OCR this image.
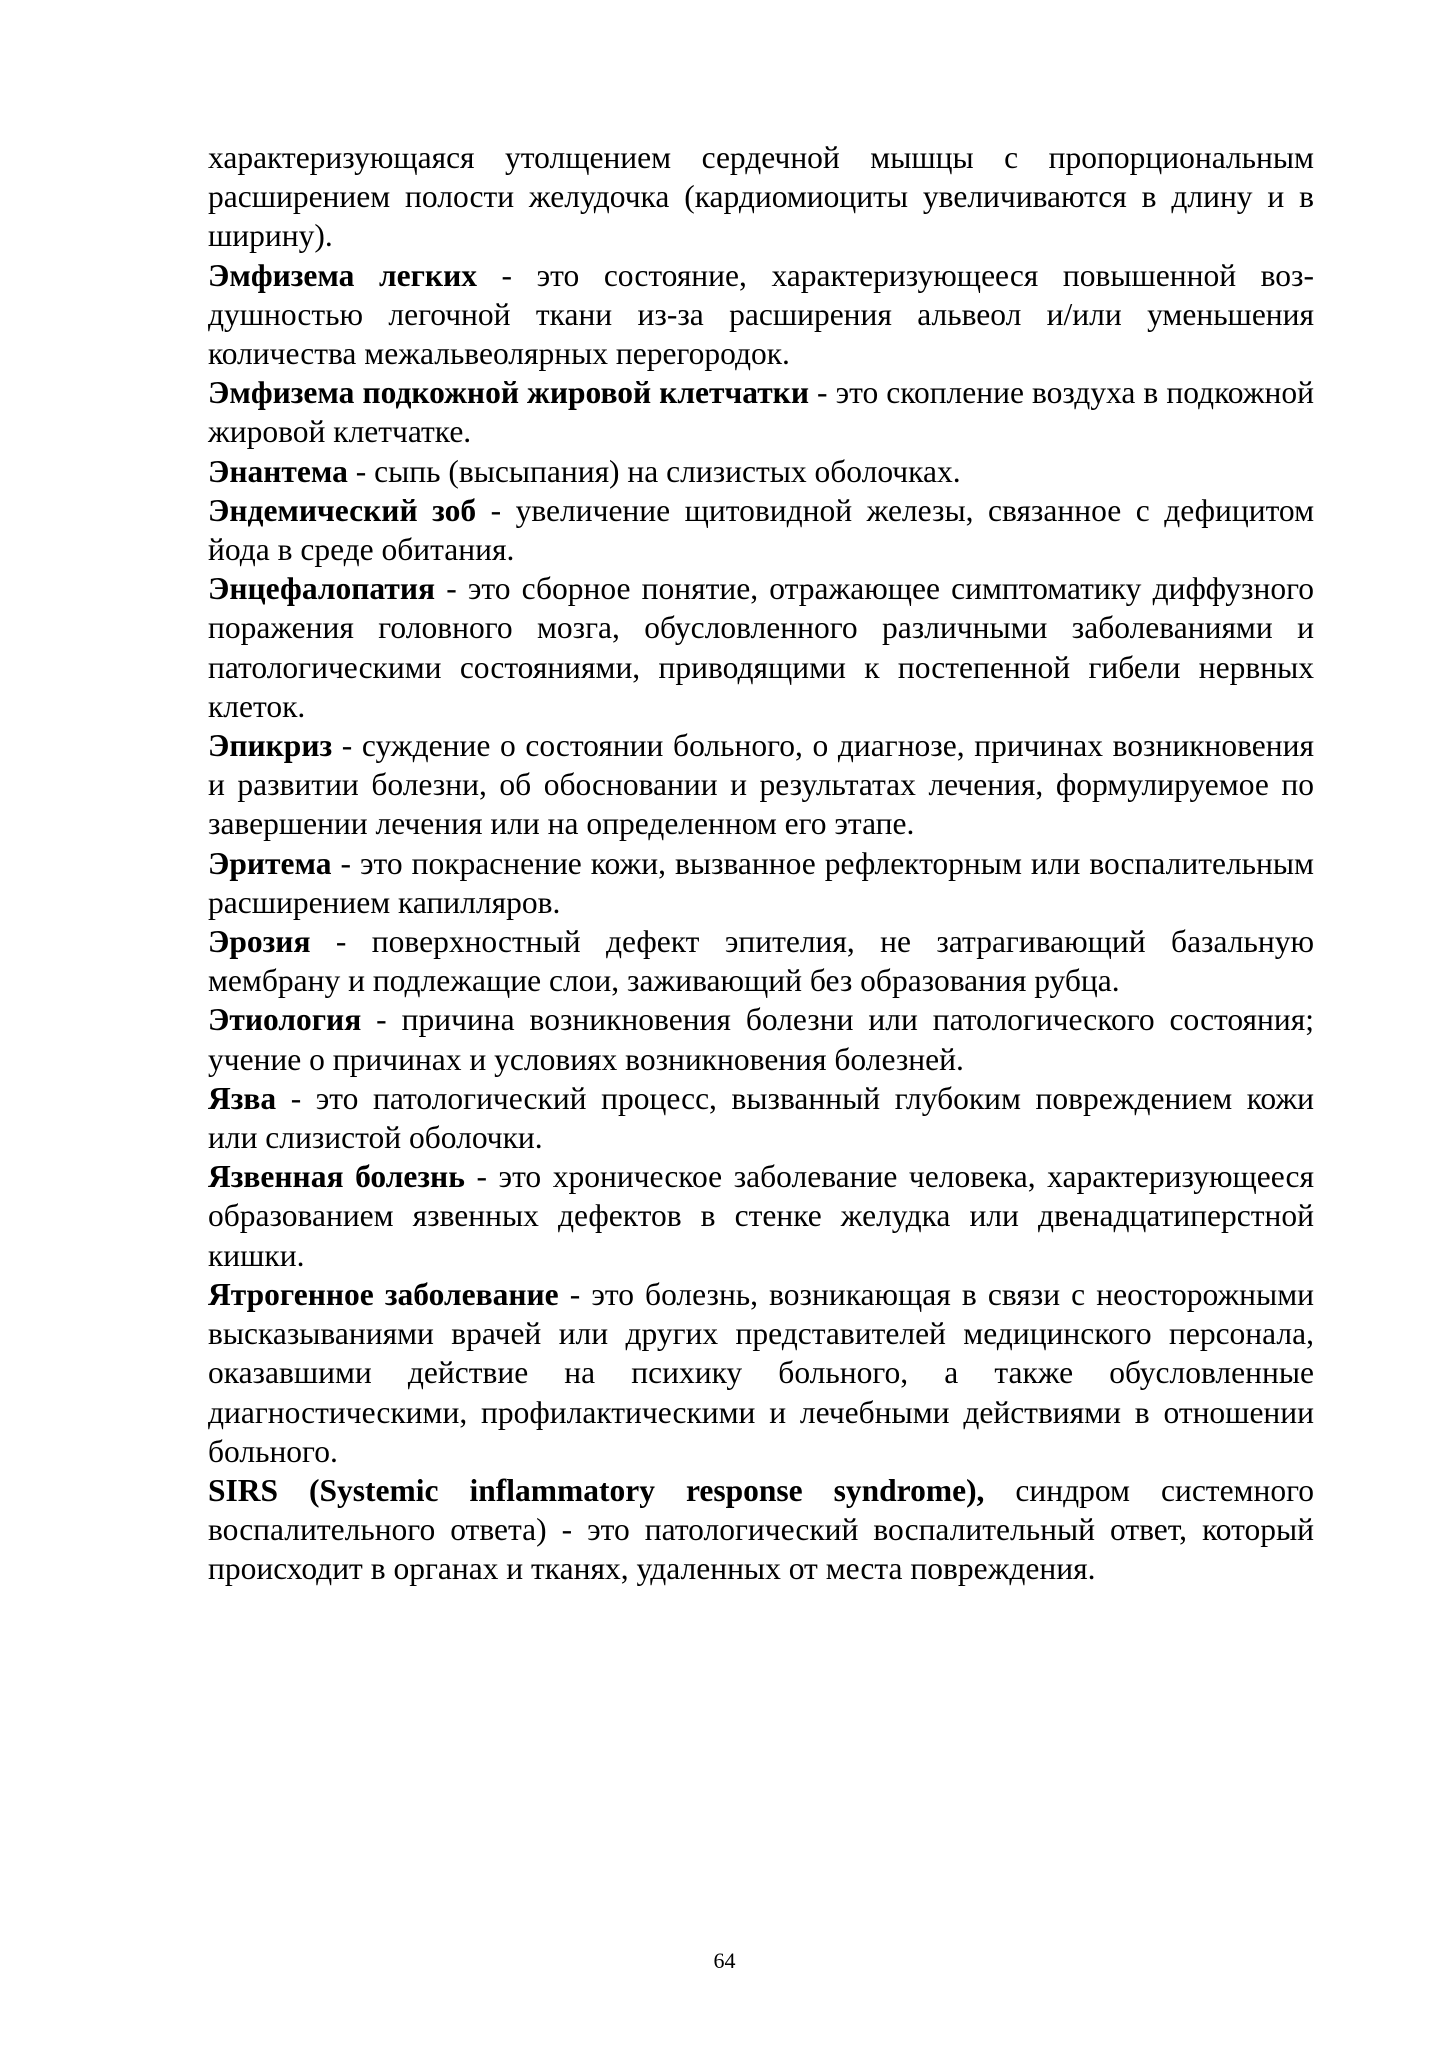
характеризующаяся утолщением сердечной мышцы с пропорциональным расширением полости желудочка (кардиомиоциты увеличиваются в длину и в ширину).

Эмфизема легких - это состояние, характеризующееся повышенной воздушностью легочной ткани из-за расширения альвеол и/или уменьшения количества межальвеолярных перегородок.

Эмфизема подкожной жировой клетчатки - это скопление воздуха в подкожной жировой клетчатке.

Энантема - сыпь (высыпания) на слизистых оболочках.

Эндемический зоб - увеличение щитовидной железы, связанное с дефицитом йода в среде обитания.

Энцефалопатия - это сборное понятие, отражающее симптоматику диффузного поражения головного мозга, обусловленного различными заболеваниями и патологическими состояниями, приводящими к постепенной гибели нервных клеток.

Эпикриз - суждение о состоянии больного, о диагнозе, причинах возникновения и развитии болезни, об обосновании и результатах лечения, формулируемое по завершении лечения или на определенном его этапе.

Эритема - это покраснение кожи, вызванное рефлекторным или воспалительным расширением капилляров.

Эрозия - поверхностный дефект эпителия, не затрагивающий базальную мембрану и подлежащие слои, заживающий без образования рубца.

Этиология - причина возникновения болезни или патологического состояния; учение о причинах и условиях возникновения болезней.

Язва - это патологический процесс, вызванный глубоким повреждением кожи или слизистой оболочки.

Язвенная болезнь - это хроническое заболевание человека, характеризующееся образованием язвенных дефектов в стенке желудка или двенадцатиперстной кишки.

Ятрогенное заболевание - это болезнь, возникающая в связи с неосторожными высказываниями врачей или других представителей медицинского персонала, оказавшими действие на психику больного, а также обусловленные диагностическими, профилактическими и лечебными действиями в отношении больного.

SIRS (Systemic inflammatory response syndrome), синдром системного воспалительного ответа) - это патологический воспалительный ответ, который происходит в органах и тканях, удаленных от места повреждения.

64
